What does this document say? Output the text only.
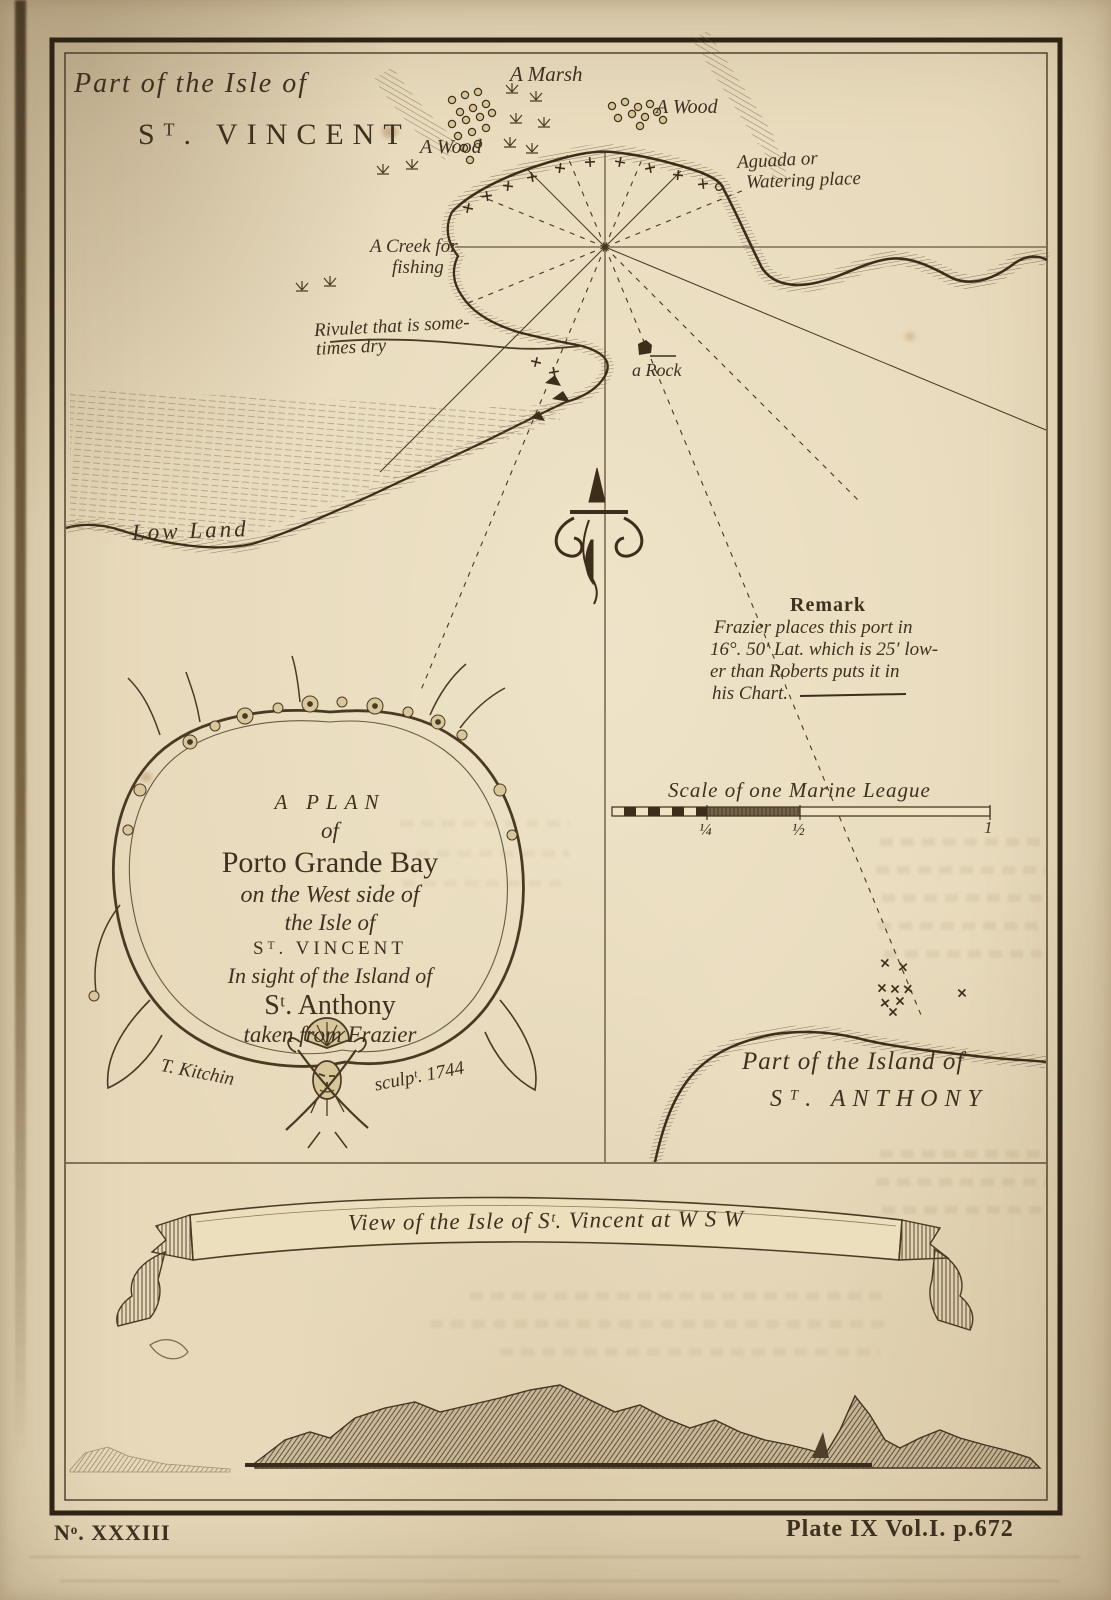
Part of the Isle of
Sᵀ. VINCENT
A Marsh
A Wood
A Wood
Aguada or
Watering place
A Creek for
fishing
Rivulet that is some-
times dry
a Rock
Low Land
Remark
Frazier places this port in
16°. 50′ Lat. which is 25′ low-
er than Roberts puts it in
his Chart.
Scale of one Marine League
¼	½	1
A PLAN
of
Porto Grande Bay
on the West side of
the Isle of
Sᵀ. VINCENT
In sight of the Island of
Sᵗ. Anthony
taken from Frazier
T. Kitchin	sculpᵗ. 1744	Part of the Island of
Sᵀ. ANTHONY
View of the Isle of Sᵗ. Vincent at W S W
Nᵒ. XXXIII	Plate IX Vol.I. p.672
